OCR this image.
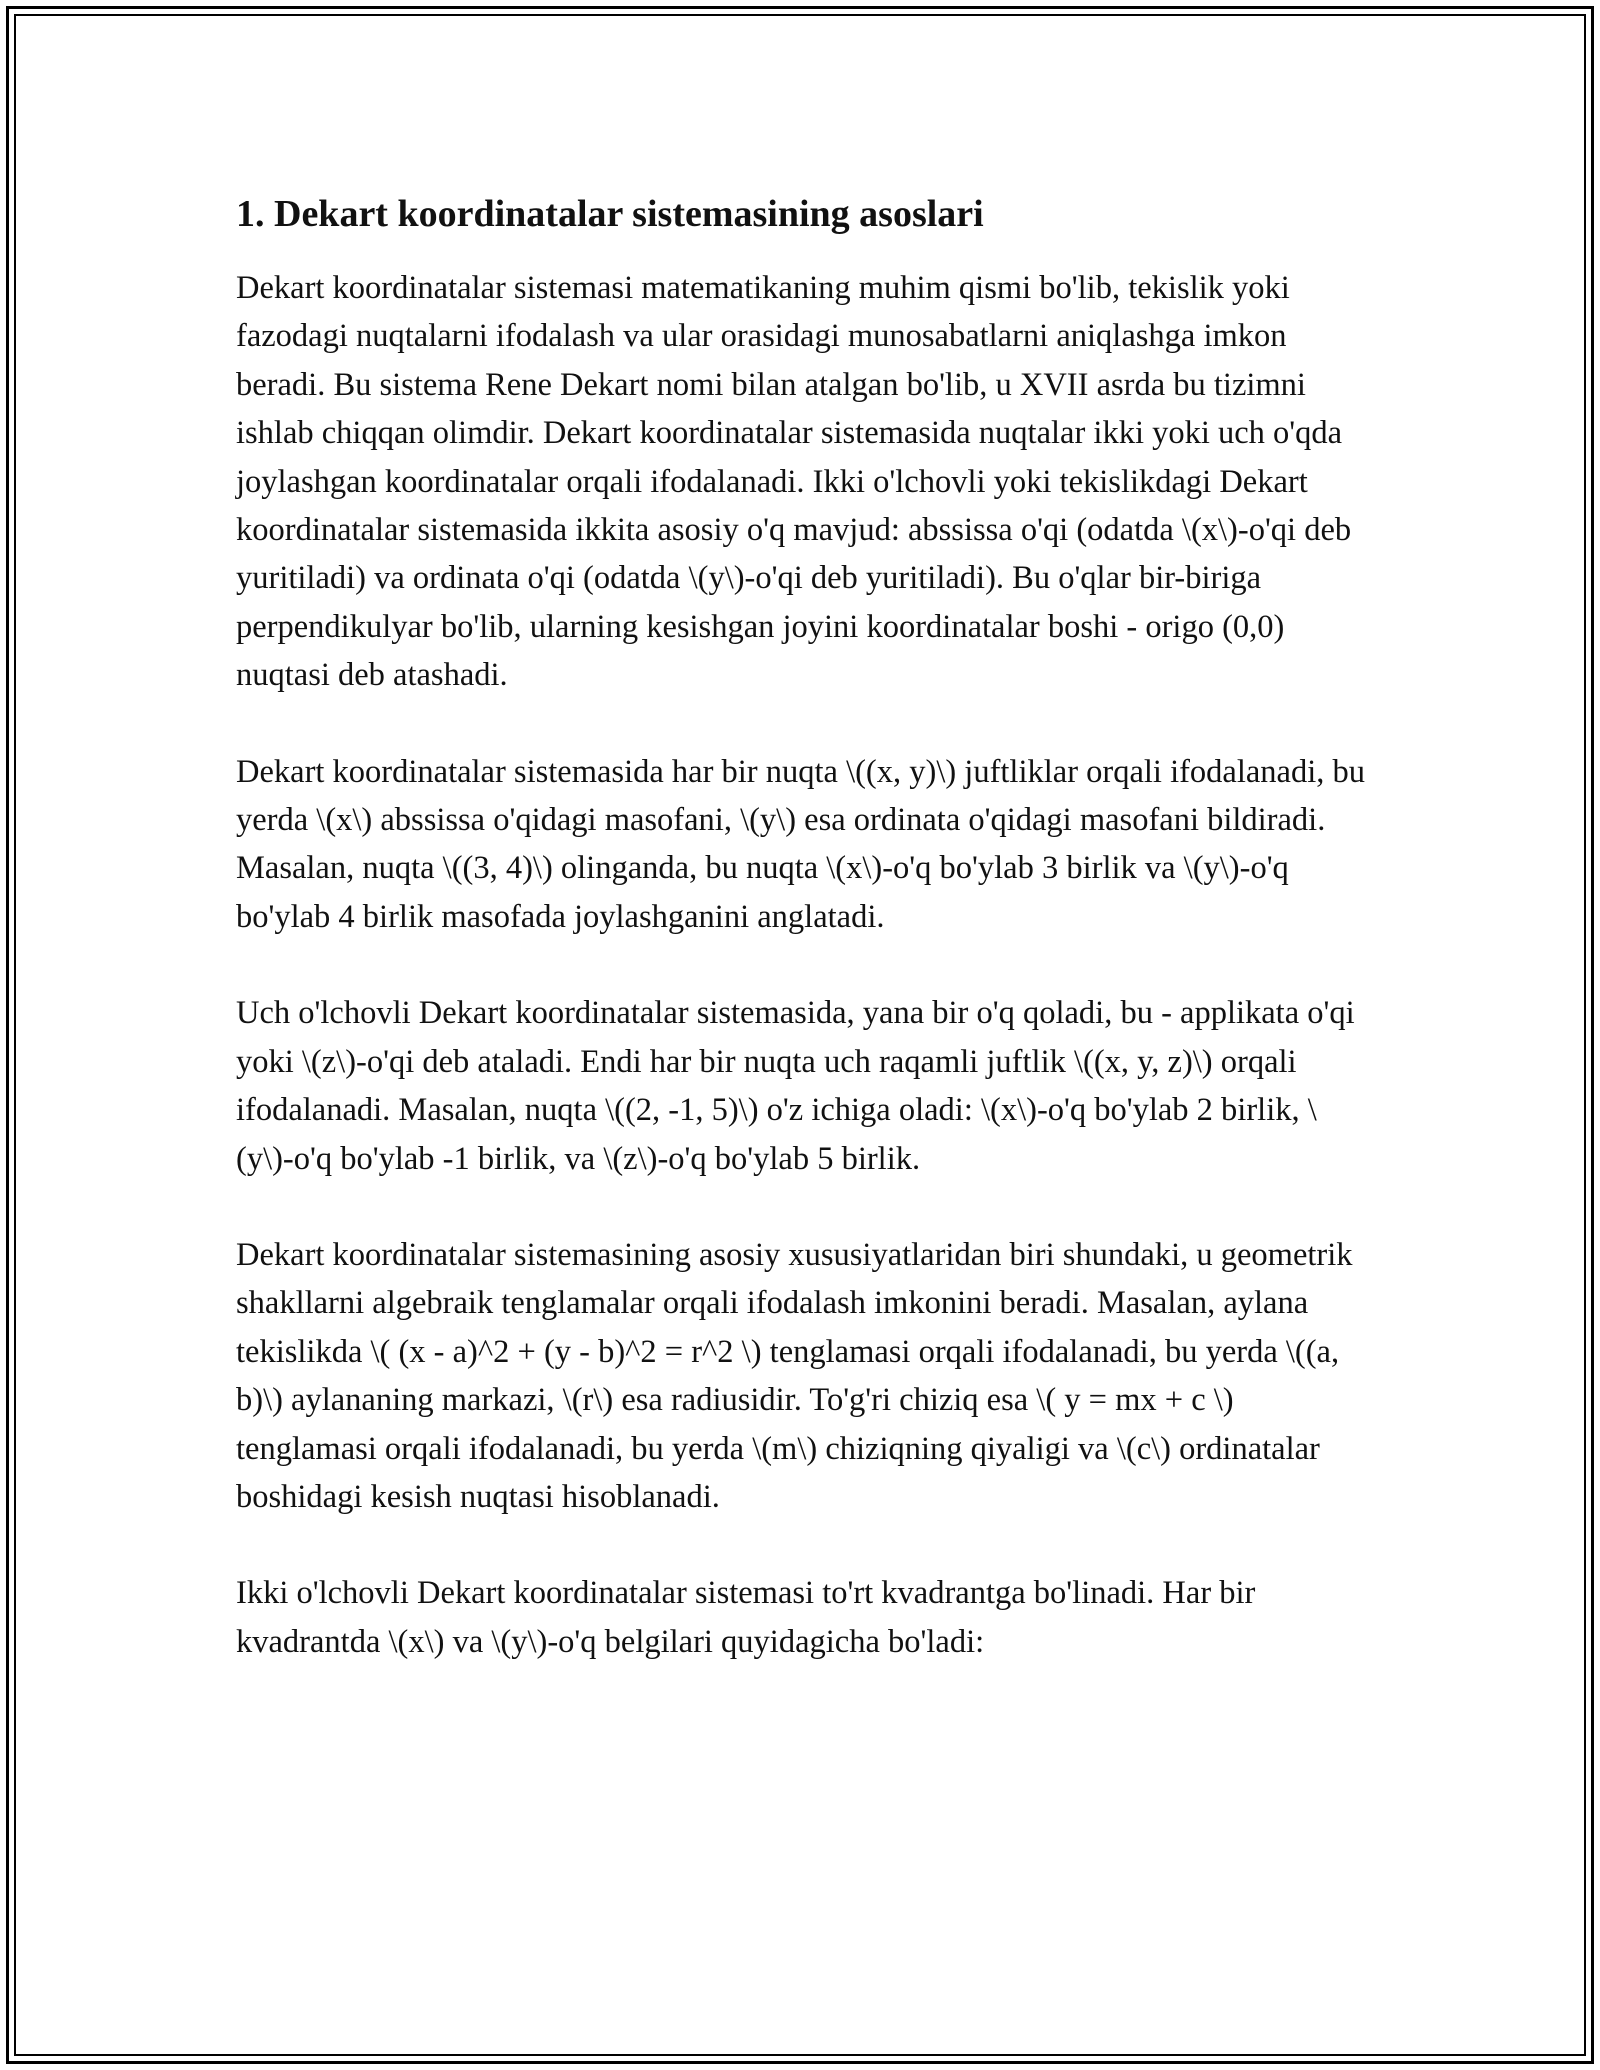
1. Dekart koordinatalar sistemasining asoslari

Dekart koordinatalar sistemasi matematikaning muhim qismi bo'lib, tekislik yoki fazodagi nuqtalarni ifodalash va ular orasidagi munosabatlarni aniqlashga imkon beradi. Bu sistema Rene Dekart nomi bilan atalgan bo'lib, u XVII asrda bu tizimni ishlab chiqqan olimdir. Dekart koordinatalar sistemasida nuqtalar ikki yoki uch o'qda joylashgan koordinatalar orqali ifodalanadi. Ikki o'lchovli yoki tekislikdagi Dekart koordinatalar sistemasida ikkita asosiy o'q mavjud: abssissa o'qi (odatda \(x\)-o'qi deb yuritiladi) va ordinata o'qi (odatda \(y\)-o'qi deb yuritiladi). Bu o'qlar bir-biriga perpendikulyar bo'lib, ularning kesishgan joyini koordinatalar boshi - origo (0,0) nuqtasi deb atashadi.

Dekart koordinatalar sistemasida har bir nuqta \((x, y)\) juftliklar orqali ifodalanadi, bu yerda \(x\) abssissa o'qidagi masofani, \(y\) esa ordinata o'qidagi masofani bildiradi. Masalan, nuqta \((3, 4)\) olinganda, bu nuqta \(x\)-o'q bo'ylab 3 birlik va \(y\)-o'q bo'ylab 4 birlik masofada joylashganini anglatadi.

Uch o'lchovli Dekart koordinatalar sistemasida, yana bir o'q qoladi, bu - applikata o'qi yoki \(z\)-o'qi deb ataladi. Endi har bir nuqta uch raqamli juftlik \((x, y, z)\) orqali ifodalanadi. Masalan, nuqta \((2, -1, 5)\) o'z ichiga oladi: \(x\)-o'q bo'ylab 2 birlik, \(y\)-o'q bo'ylab -1 birlik, va \(z\)-o'q bo'ylab 5 birlik.

Dekart koordinatalar sistemasining asosiy xususiyatlaridan biri shundaki, u geometrik shakllarni algebraik tenglamalar orqali ifodalash imkonini beradi. Masalan, aylana tekislikda \( (x - a)^2 + (y - b)^2 = r^2 \) tenglamasi orqali ifodalanadi, bu yerda \((a, b)\) aylananing markazi, \(r\) esa radiusidir. To'g'ri chiziq esa \( y = mx + c \) tenglamasi orqali ifodalanadi, bu yerda \(m\) chiziqning qiyaligi va \(c\) ordinatalar boshidagi kesish nuqtasi hisoblanadi.

Ikki o'lchovli Dekart koordinatalar sistemasi to'rt kvadrantga bo'linadi. Har bir kvadrantda \(x\) va \(y\)-o'q belgilari quyidagicha bo'ladi:
